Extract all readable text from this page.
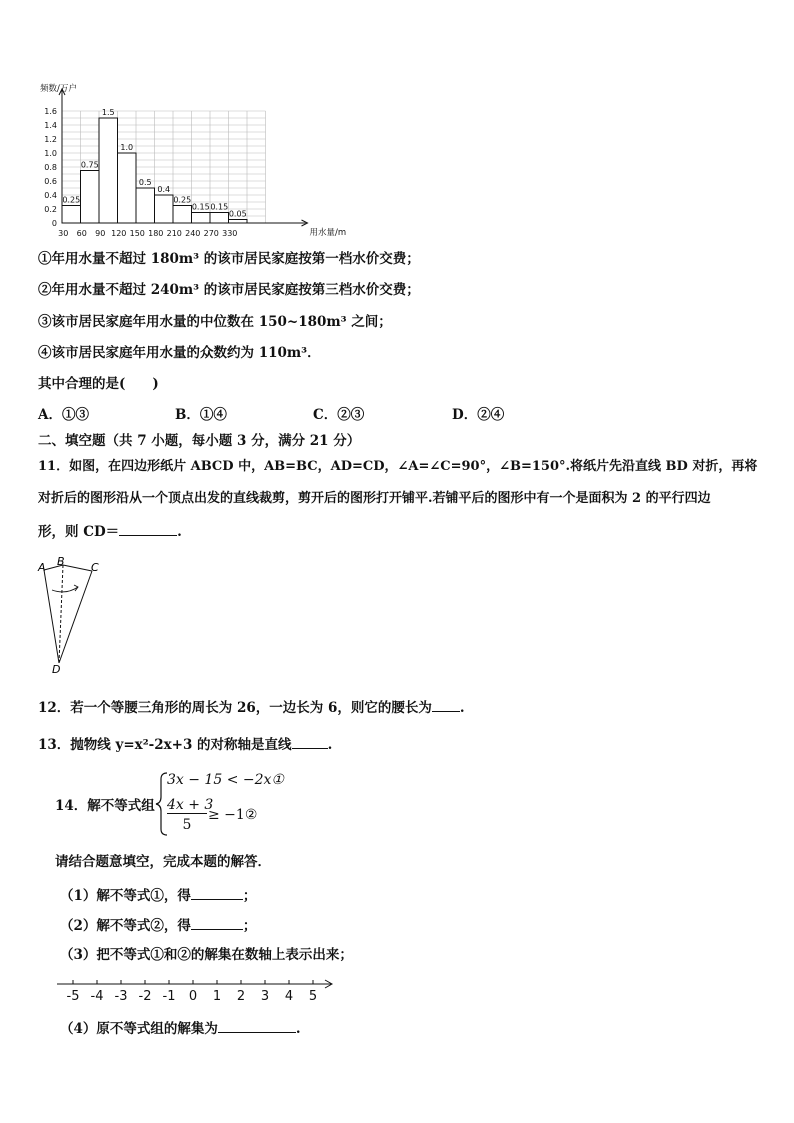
0.25
0.75
1.5
1.0
0.5
0.4
0.25
0.15 0.15
0.05
0
0.2
0.4
0.6
0.8
1.0
1.2
1.4
1.6
30 60 90 120 150 180 210 240 270 330
频数/万户
用水量/m
①年用水量不超过 180m³ 的该市居民家庭按第一档水价交费；
②年用水量不超过 240m³ 的该市居民家庭按第三档水价交费；
③该市居民家庭年用水量的中位数在 150~180m³ 之间；
④该市居民家庭年用水量的众数约为 110m³．
其中合理的是(　　)
A．①③	B．①④	C．②③	D．②④
二、填空题（共 7 小题，每小题 3 分，满分 21 分）
11．如图，在四边形纸片 ABCD 中，AB=BC，AD=CD，∠A=∠C=90°，∠B=150°.将纸片先沿直线 BD 对折，再将
对折后的图形沿从一个顶点出发的直线裁剪，剪开后的图形打开铺平.若铺平后的图形中有一个是面积为 2 的平行四边
形，则 CD＝	.
A B C
D
12．若一个等腰三角形的周长为 26，一边长为 6，则它的腰长为 .
13．抛物线 y=x²-2x+3 的对称轴是直线	.
14．解不等式组
3x − 15 < −2x①
4x + 3
5
≥ −1②
请结合题意填空，完成本题的解答．
（1）解不等式①，得	；
（2）解不等式②，得	；
（3）把不等式①和②的解集在数轴上表示出来；
-5 -4 -3 -2 -1 0 1 2 3 4 5
（4）原不等式组的解集为	.
